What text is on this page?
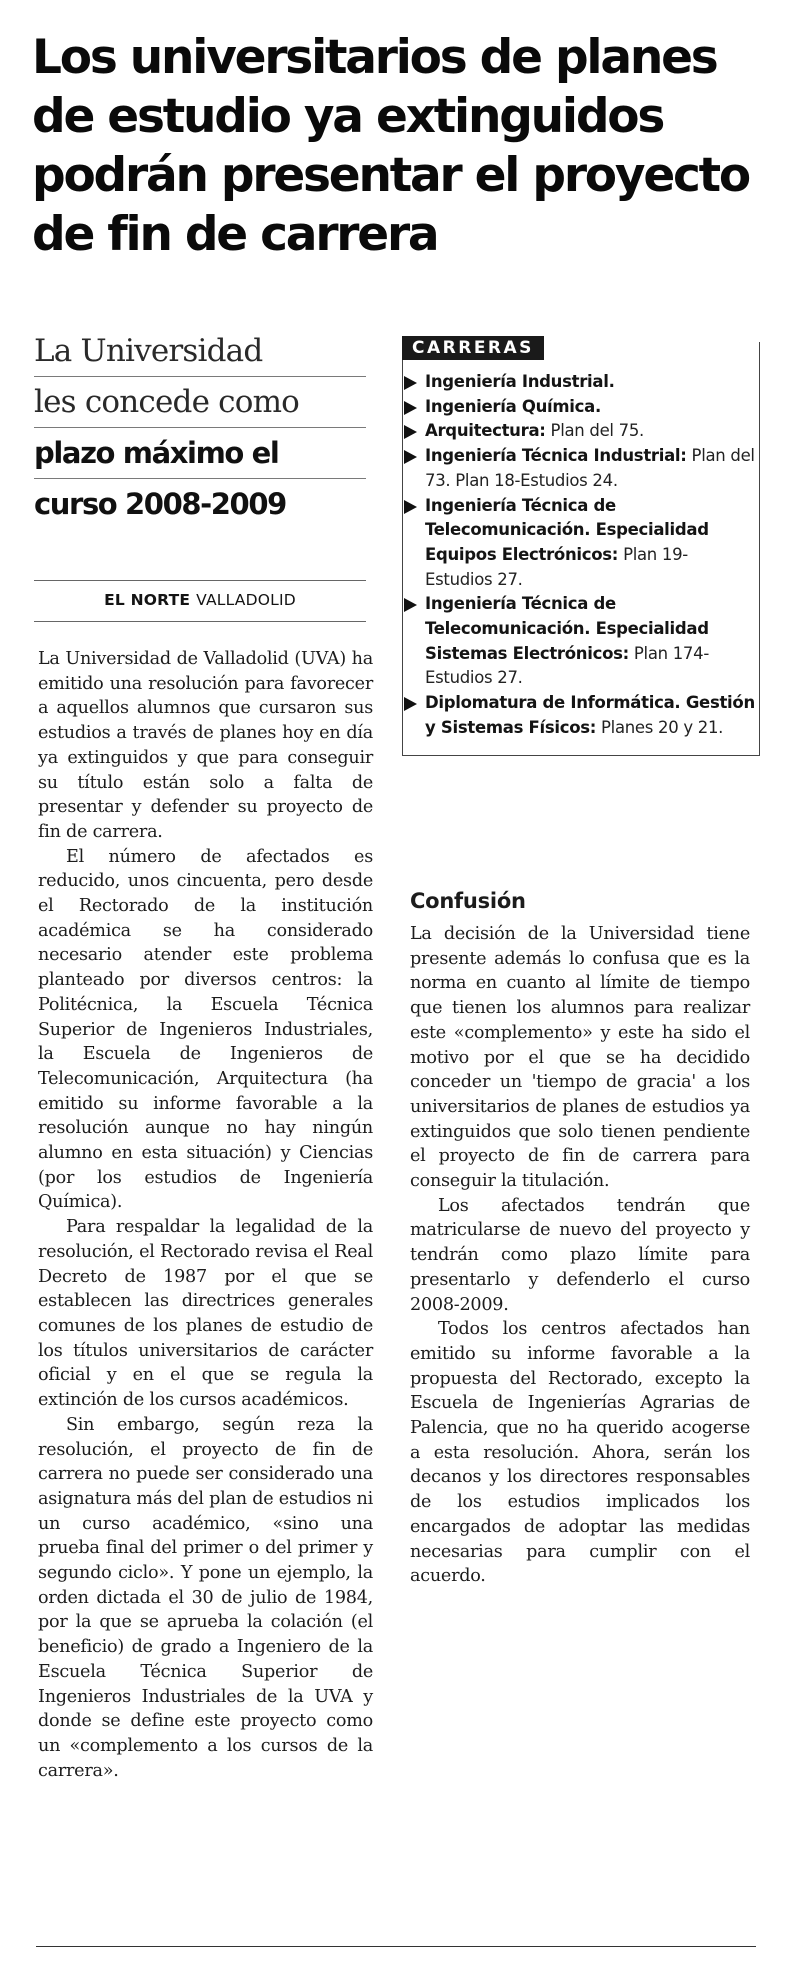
Los universitarios de planes de estudio ya extinguidos podrán presentar el proyecto de fin de carrera
La Universidad
les concede como
plazo máximo el
curso 2008-2009
EL NORTE VALLADOLID
Ingeniería Industrial.
Ingeniería Química.
Arquitectura: Plan del 75.
Ingeniería Técnica Industrial: Plan del 73. Plan 18-Estudios 24.
Ingeniería Técnica de Telecomunicación. Especialidad Equipos Electrónicos: Plan 19-Estudios 27.
Ingeniería Técnica de Telecomunicación. Especialidad Sistemas Electrónicos: Plan 174-Estudios 27.
Diplomatura de Informática. Gestión y Sistemas Físicos: Planes 20 y 21.
CARRERAS

La Universidad de Valladolid (UVA) ha emitido una resolución para favorecer a aquellos alumnos que cursaron sus estudios a través de planes hoy en día ya extinguidos y que para conseguir su título están solo a falta de presentar y defender su proyecto de fin de carrera.

El número de afectados es reducido, unos cincuenta, pero desde el Rectorado de la institución académica se ha considerado necesario atender este problema planteado por diversos centros: la Politécnica, la Escuela Técnica Superior de Ingenieros Industriales, la Escuela de Ingenieros de Telecomunicación, Arquitectura (ha emitido su informe favorable a la resolución aunque no hay ningún alumno en esta situación) y Ciencias (por los estudios de Ingeniería Química).

Para respaldar la legalidad de la resolución, el Rectorado revisa el Real Decreto de 1987 por el que se establecen las directrices generales comunes de los planes de estudio de los títulos universitarios de carácter oficial y en el que se regula la extinción de los cursos académicos.

Sin embargo, según reza la resolución, el proyecto de fin de carrera no puede ser considerado una asignatura más del plan de estudios ni un curso académico, «sino una prueba final del primer o del primer y segundo ciclo». Y pone un ejemplo, la orden dictada el 30 de julio de 1984, por la que se aprueba la colación (el beneficio) de grado a Ingeniero de la Escuela Técnica Superior de Ingenieros Industriales de la UVA y donde se define este proyecto como un «complemento a los cursos de la carrera».

Confusión

La decisión de la Universidad tiene presente además lo confusa que es la norma en cuanto al límite de tiempo que tienen los alumnos para realizar este «complemento» y este ha sido el motivo por el que se ha decidido conceder un 'tiempo de gracia' a los universitarios de planes de estudios ya extinguidos que solo tienen pendiente el proyecto de fin de carrera para conseguir la titulación.

Los afectados tendrán que matricularse de nuevo del proyecto y tendrán como plazo límite para presentarlo y defenderlo el curso 2008-2009.

Todos los centros afectados han emitido su informe favorable a la propuesta del Rectorado, excepto la Escuela de Ingenierías Agrarias de Palencia, que no ha querido acogerse a esta resolución. Ahora, serán los decanos y los directores responsables de los estudios implicados los encargados de adoptar las medidas necesarias para cumplir con el acuerdo.
